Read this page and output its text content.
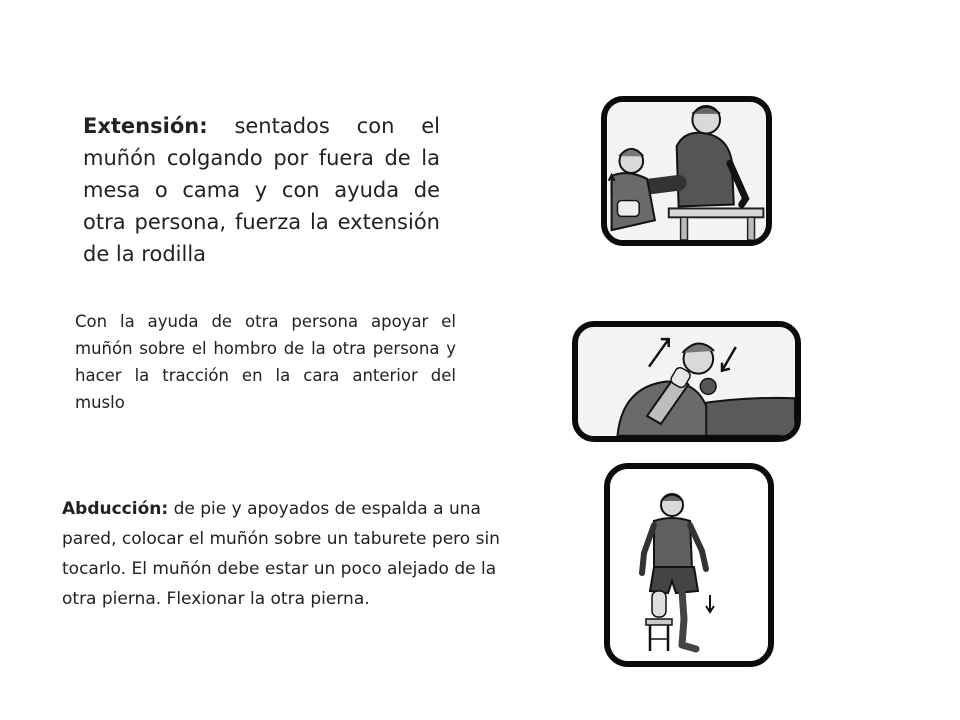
Extensión: sentados con el muñón colgando por fuera de la mesa o cama y con ayuda de otra persona, fuerza la extensión de la rodilla
Con la ayuda de otra persona apoyar el muñón sobre el hombro de la otra persona y hacer la tracción en la cara anterior del muslo
Abducción: de pie y apoyados de espalda a una pared, colocar el muñón sobre un taburete pero sin tocarlo. El muñón debe estar un poco alejado de la otra pierna. Flexionar la otra pierna.
